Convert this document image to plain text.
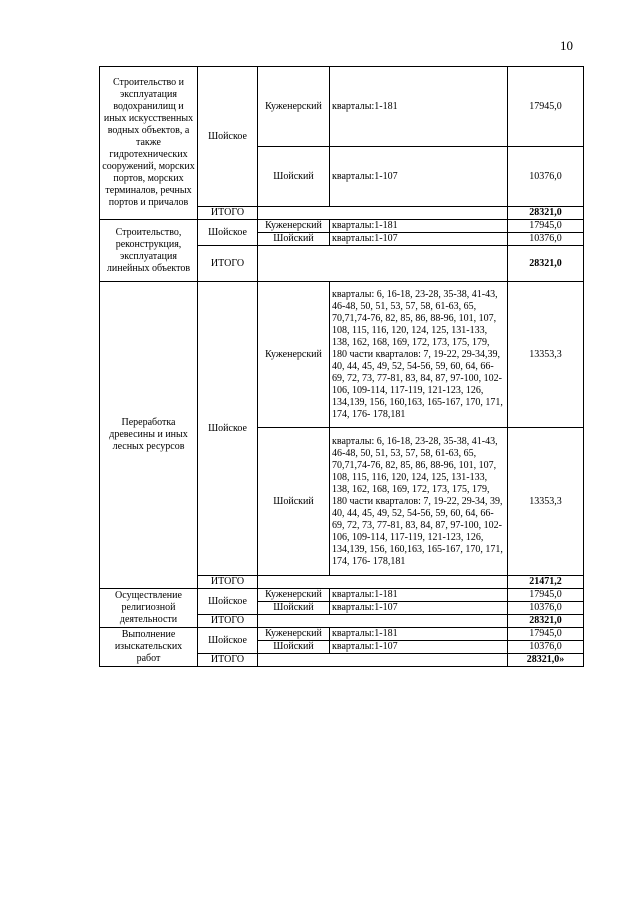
10
Строительство и эксплуатация водохранилищ и иных искусственных водных объектов, а также гидротехнических сооружений, морских портов, морских терминалов, речных портов и причалов	Шойское	Куженерский	кварталы:1-181	17945,0
		Шойский	кварталы:1-107	10376,0
	ИТОГО			28321,0
Строительство, реконструкция, эксплуатация линейных объектов	Шойское	Куженерский	кварталы:1-181	17945,0
		Шойский	кварталы:1-107	10376,0
	ИТОГО			28321,0
Переработка древесины и иных лесных ресурсов	Шойское	Куженерский	кварталы: 6, 16-18, 23-28, 35-38, 41-43, 46-48, 50, 51, 53, 57, 58, 61-63, 65, 70,71,74-76, 82, 85, 86, 88-96, 101, 107, 108, 115, 116, 120, 124, 125, 131-133, 138, 162, 168, 169, 172, 173, 175, 179, 180 части кварталов: 7, 19-22, 29-34,39, 40, 44, 45, 49, 52, 54-56, 59, 60, 64, 66-69, 72, 73, 77-81, 83, 84, 87, 97-100, 102-106, 109-114, 117-119, 121-123, 126, 134,139, 156, 160,163, 165-167, 170, 171, 174, 176- 178,181	13353,3
		Шойский	кварталы: 6, 16-18, 23-28, 35-38, 41-43, 46-48, 50, 51, 53, 57, 58, 61-63, 65, 70,71,74-76, 82, 85, 86, 88-96, 101, 107, 108, 115, 116, 120, 124, 125, 131-133, 138, 162, 168, 169, 172, 173, 175, 179, 180 части кварталов: 7, 19-22, 29-34, 39, 40, 44, 45, 49, 52, 54-56, 59, 60, 64, 66-69, 72, 73, 77-81, 83, 84, 87, 97-100, 102-106, 109-114, 117-119, 121-123, 126, 134,139, 156, 160,163, 165-167, 170, 171, 174, 176- 178,181	13353,3
	ИТОГО			21471,2
Осуществление религиозной деятельности	Шойское	Куженерский	кварталы:1-181	17945,0
		Шойский	кварталы:1-107	10376,0
	ИТОГО			28321,0
Выполнение изыскательских работ	Шойское	Куженерский	кварталы:1-181	17945,0
		Шойский	кварталы:1-107	10376,0
	ИТОГО			28321,0»
